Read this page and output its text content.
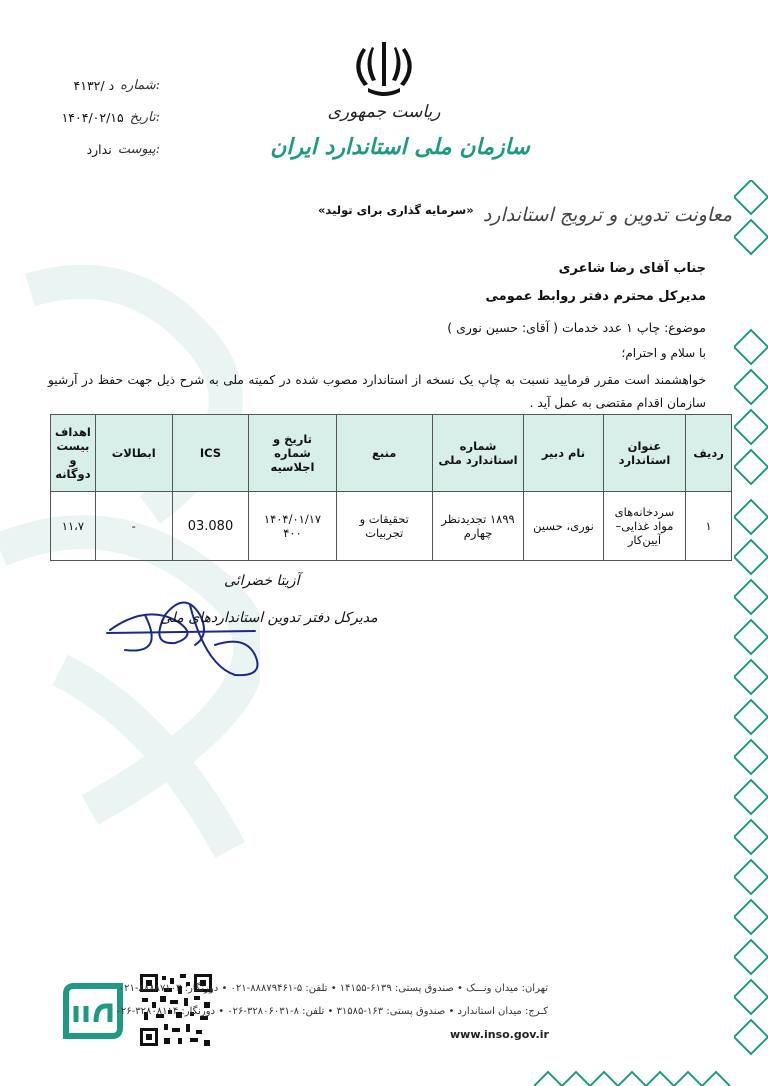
ریاست جمهوری
سازمان ملی استاندارد ایران
شماره:
۴۱۳۲/ د
تاریخ:
۱۴۰۴/۰۲/۱۵
پیوست:
ندارد
معاونت تدوین و ترویج استاندارد
«سرمایه گذاری برای تولید»
جناب آقای رضا شاعری
مدیرکل محترم دفتر روابط عمومی
موضوع: چاپ ۱ عدد خدمات ( آقای: حسین نوری )
با سلام و احترام؛
خواهشمند است مقرر فرمایید نسبت به چاپ یک نسخه از استاندارد مصوب شده در کمیته ملی به شرح ذیل جهت حفظ در آرشیو سازمان اقدام مقتضی به عمل آید .
ردیف	عنوان استاندارد	نام دبیر	شماره استاندارد ملی	منبع	تاریخ و شماره اجلاسیه	ICS	ابطالات	اهداف بیست و دوگانه
۱	سردخانه‌های مواد غذایی– آیین‌کار	نوری، حسین	۱۸۹۹ تجدیدنظر چهارم	تحقیقات و تجربیات	۱۴۰۴/۰۱/۱۷ ۴۰۰	03.080	-	۱۱،۷
آزیتا خضرائی
مدیرکل دفتر تدوین استانداردهای ملی
تهران: میدان ونـــک • صندوق پستی: ۶۱۳۹-۱۴۱۵۵ • تلفن: ۵-۸۸۸۷۹۴۶۱-۰۲۱ • دورنگار: ۸۸۸۸۷۱۰۳-۰۲۱
کـرج: میدان استاندارد • صندوق پستی: ۱۶۳-۳۱۵۸۵ • تلفن: ۸-۳۲۸۰۶۰۳۱-۰۲۶ • دورنگار: ۳۲۸۰۸۱۱۴-۰۲۶
www.inso.gov.ir
